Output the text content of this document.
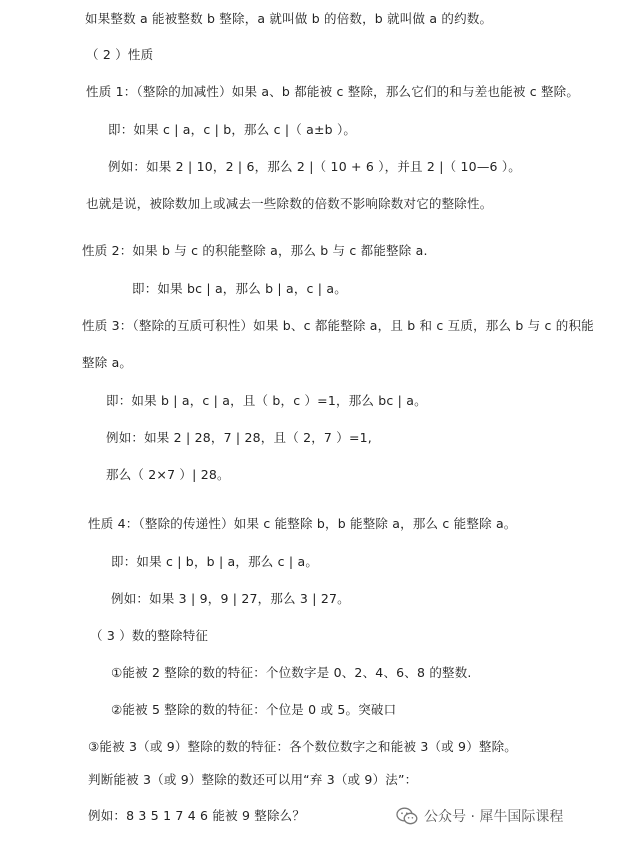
如果整数 a 能被整数 b 整除，a 就叫做 b 的倍数，b 就叫做 a 的约数。
（ 2 ）性质
性质 1：（整除的加减性）如果 a、b 都能被 c 整除，那么它们的和与差也能被 c 整除。
即：如果 c | a，c | b，那么 c |（ a±b ）。
例如：如果 2 | 10，2 | 6，那么 2 |（ 10 + 6 ），并且 2 |（ 10—6 ）。
也就是说，被除数加上或减去一些除数的倍数不影响除数对它的整除性。
性质 2：如果 b 与 c 的积能整除 a，那么 b 与 c 都能整除 a.
即：如果 bc | a，那么 b | a，c | a。
性质 3：（整除的互质可积性）如果 b、c 都能整除 a，且 b 和 c 互质，那么 b 与 c 的积能
整除 a。
即：如果 b | a，c | a，且（ b，c ）=1，那么 bc | a。
例如：如果 2 | 28，7 | 28，且（ 2，7 ）=1,
那么（ 2×7 ）| 28。
性质 4：（整除的传递性）如果 c 能整除 b，b 能整除 a，那么 c 能整除 a。
即：如果 c | b，b | a，那么 c | a。
例如：如果 3 | 9，9 | 27，那么 3 | 27。
（ 3 ）数的整除特征
①能被 2 整除的数的特征：个位数字是 0、2、4、6、8 的整数.
②能被 5 整除的数的特征：个位是 0 或 5。突破口
③能被 3（或 9）整除的数的特征：各个数位数字之和能被 3（或 9）整除。
判断能被 3（或 9）整除的数还可以用“弃 3（或 9）法”：
例如：8 3 5 1 7 4 6 能被 9 整除么？	公众号 · 犀牛国际课程
